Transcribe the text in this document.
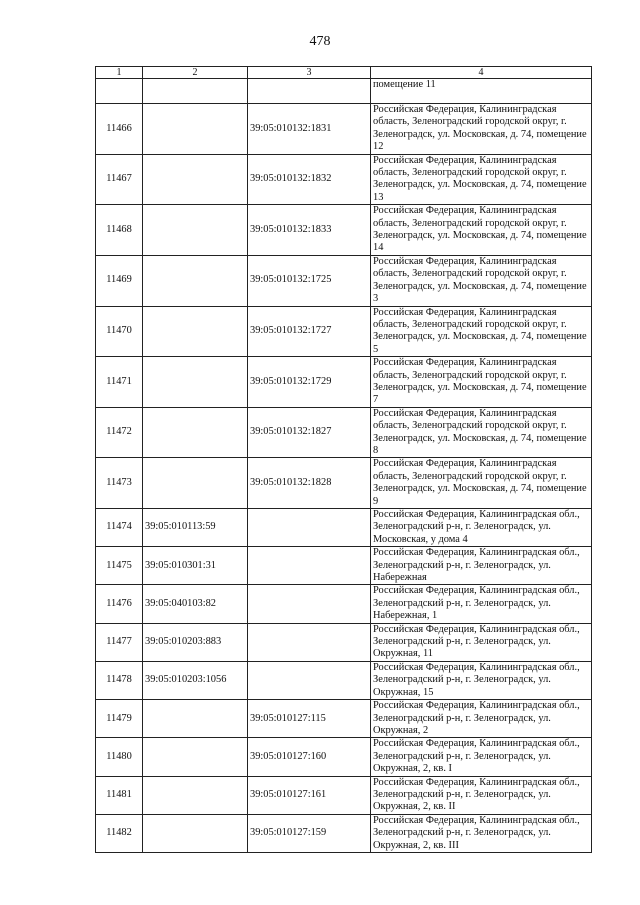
478
1	2	3	4
			помещение 11
11466		39:05:010132:1831	Российская Федерация, Калининградская область, Зеленоградский городской округ, г. Зеленоградск, ул. Московская, д. 74, помещение 12
11467		39:05:010132:1832	Российская Федерация, Калининградская область, Зеленоградский городской округ, г. Зеленоградск, ул. Московская, д. 74, помещение 13
11468		39:05:010132:1833	Российская Федерация, Калининградская область, Зеленоградский городской округ, г. Зеленоградск, ул. Московская, д. 74, помещение 14
11469		39:05:010132:1725	Российская Федерация, Калининградская область, Зеленоградский городской округ, г. Зеленоградск, ул. Московская, д. 74, помещение 3
11470		39:05:010132:1727	Российская Федерация, Калининградская область, Зеленоградский городской округ, г. Зеленоградск, ул. Московская, д. 74, помещение 5
11471		39:05:010132:1729	Российская Федерация, Калининградская область, Зеленоградский городской округ, г. Зеленоградск, ул. Московская, д. 74, помещение 7
11472		39:05:010132:1827	Российская Федерация, Калининградская область, Зеленоградский городской округ, г. Зеленоградск, ул. Московская, д. 74, помещение 8
11473		39:05:010132:1828	Российская Федерация, Калининградская область, Зеленоградский городской округ, г. Зеленоградск, ул. Московская, д. 74, помещение 9
11474	39:05:010113:59		Российская Федерация, Калининградская обл., Зеленоградский р-н, г. Зеленоградск, ул. Московская, у дома 4
11475	39:05:010301:31		Российская Федерация, Калининградская обл., Зеленоградский р-н, г. Зеленоградск, ул. Набережная
11476	39:05:040103:82		Российская Федерация, Калининградская обл., Зеленоградский р-н, г. Зеленоградск, ул. Набережная, 1
11477	39:05:010203:883		Российская Федерация, Калининградская обл., Зеленоградский р-н, г. Зеленоградск, ул. Окружная, 11
11478	39:05:010203:1056		Российская Федерация, Калининградская обл., Зеленоградский р-н, г. Зеленоградск, ул. Окружная, 15
11479		39:05:010127:115	Российская Федерация, Калининградская обл., Зеленоградский р-н, г. Зеленоградск, ул. Окружная, 2
11480		39:05:010127:160	Российская Федерация, Калининградская обл., Зеленоградский р-н, г. Зеленоградск, ул. Окружная, 2, кв. I
11481		39:05:010127:161	Российская Федерация, Калининградская обл., Зеленоградский р-н, г. Зеленоградск, ул. Окружная, 2, кв. II
11482		39:05:010127:159	Российская Федерация, Калининградская обл., Зеленоградский р-н, г. Зеленоградск, ул. Окружная, 2, кв. III
